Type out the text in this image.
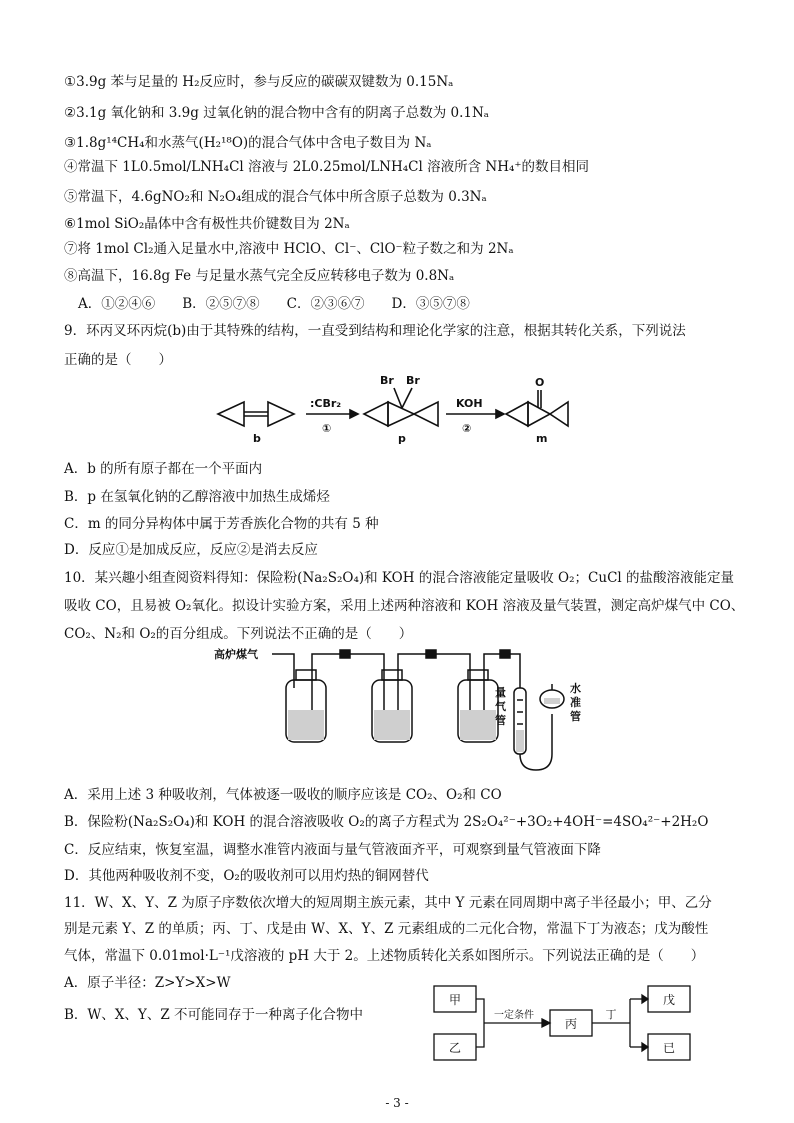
①3.9g 苯与足量的 H₂反应时，参与反应的碳碳双键数为 0.15Nₐ
②3.1g 氧化钠和 3.9g 过氧化钠的混合物中含有的阴离子总数为 0.1Nₐ
③1.8g¹⁴CH₄和水蒸气(H₂¹⁸O)的混合气体中含电子数目为 Nₐ
④常温下 1L0.5mol/LNH₄Cl 溶液与 2L0.25mol/LNH₄Cl 溶液所含 NH₄⁺的数目相同
⑤常温下，4.6gNO₂和 N₂O₄组成的混合气体中所含原子总数为 0.3Nₐ
⑥1mol SiO₂晶体中含有极性共价键数目为 2Nₐ
⑦将 1mol Cl₂通入足量水中,溶液中 HClO、Cl⁻、ClO⁻粒子数之和为 2Nₐ
⑧高温下，16.8g Fe 与足量水蒸气完全反应转移电子数为 0.8Nₐ
A．①②④⑥　　B．②⑤⑦⑧　　C．②③⑥⑦　　D．③⑤⑦⑧
9．环丙叉环丙烷(b)由于其特殊的结构，一直受到结构和理论化学家的注意，根据其转化关系，下列说法
正确的是（　　）
b	p	m
:CBr₂
①
KOH
②
Br Br	O
A．b 的所有原子都在一个平面内
B．p 在氢氧化钠的乙醇溶液中加热生成烯烃
C．m 的同分异构体中属于芳香族化合物的共有 5 种
D．反应①是加成反应，反应②是消去反应
10．某兴趣小组查阅资料得知：保险粉(Na₂S₂O₄)和 KOH 的混合溶液能定量吸收 O₂；CuCl 的盐酸溶液能定量
吸收 CO，且易被 O₂氧化。拟设计实验方案，采用上述两种溶液和 KOH 溶液及量气装置，测定高炉煤气中 CO、
CO₂、N₂和 O₂的百分组成。下列说法不正确的是（　　）
高炉煤气
量
气
管
水
准
管
A．采用上述 3 种吸收剂，气体被逐一吸收的顺序应该是 CO₂、O₂和 CO
B．保险粉(Na₂S₂O₄)和 KOH 的混合溶液吸收 O₂的离子方程式为 2S₂O₄²⁻+3O₂+4OH⁻=4SO₄²⁻+2H₂O
C．反应结束，恢复室温，调整水准管内液面与量气管液面齐平，可观察到量气管液面下降
D．其他两种吸收剂不变，O₂的吸收剂可以用灼热的铜网替代
11．W、X、Y、Z 为原子序数依次增大的短周期主族元素，其中 Y 元素在同周期中离子半径最小；甲、乙分
别是元素 Y、Z 的单质；丙、丁、戊是由 W、X、Y、Z 元素组成的二元化合物，常温下丁为液态；戊为酸性
气体，常温下 0.01mol·L⁻¹戊溶液的 pH 大于 2。上述物质转化关系如图所示。下列说法正确的是（　　）
A．原子半径：Z>Y>X>W
B．W、X、Y、Z 不可能同存于一种离子化合物中
甲
乙
丙
戊
已
丁
一定条件
- 3 -
